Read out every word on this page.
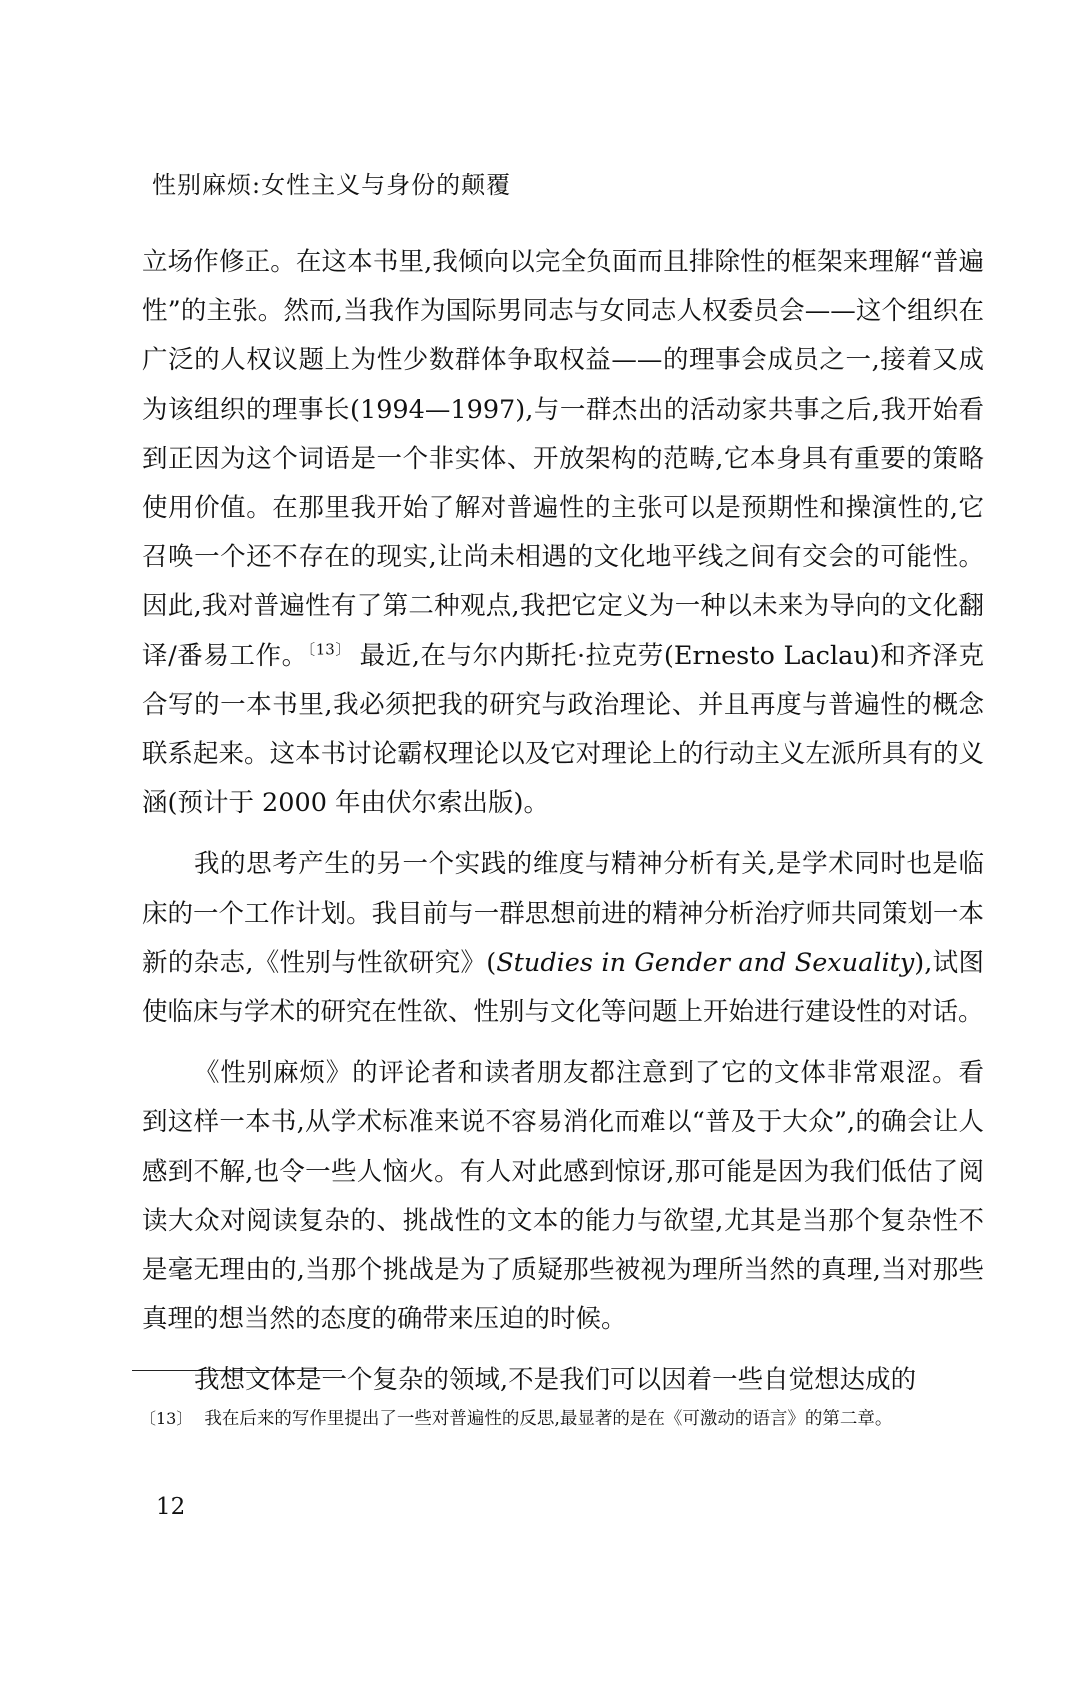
性别麻烦:女性主义与身份的颠覆

立场作修正。在这本书里,我倾向以完全负面而且排除性的框架来理解“普遍性”的主张。然而,当我作为国际男同志与女同志人权委员会——这个组织在广泛的人权议题上为性少数群体争取权益——的理事会成员之一,接着又成为该组织的理事长(1994—1997),与一群杰出的活动家共事之后,我开始看到正因为这个词语是一个非实体、开放架构的范畴,它本身具有重要的策略使用价值。在那里我开始了解对普遍性的主张可以是预期性和操演性的,它召唤一个还不存在的现实,让尚未相遇的文化地平线之间有交会的可能性。因此,我对普遍性有了第二种观点,我把它定义为一种以未来为导向的文化翻译/番易工作。$^{〔13〕}$ 最近,在与尔内斯托·拉克劳(Ernesto Laclau)和齐泽克合写的一本书里,我必须把我的研究与政治理论、并且再度与普遍性的概念联系起来。这本书讨论霸权理论以及它对理论上的行动主义左派所具有的义涵(预计于 2000 年由伏尔索出版)。

我的思考产生的另一个实践的维度与精神分析有关,是学术同时也是临床的一个工作计划。我目前与一群思想前进的精神分析治疗师共同策划一本新的杂志,《性别与性欲研究》(Studies in Gender and Sexuality),试图使临床与学术的研究在性欲、性别与文化等问题上开始进行建设性的对话。

《性别麻烦》的评论者和读者朋友都注意到了它的文体非常艰涩。看到这样一本书,从学术标准来说不容易消化而难以“普及于大众”,的确会让人感到不解,也令一些人恼火。有人对此感到惊讶,那可能是因为我们低估了阅读大众对阅读复杂的、挑战性的文本的能力与欲望,尤其是当那个复杂性不是毫无理由的,当那个挑战是为了质疑那些被视为理所当然的真理,当对那些真理的想当然的态度的确带来压迫的时候。

我想文体是一个复杂的领域,不是我们可以因着一些自觉想达成的

〔13〕 我在后来的写作里提出了一些对普遍性的反思,最显著的是在《可激动的语言》的第二章。
12
